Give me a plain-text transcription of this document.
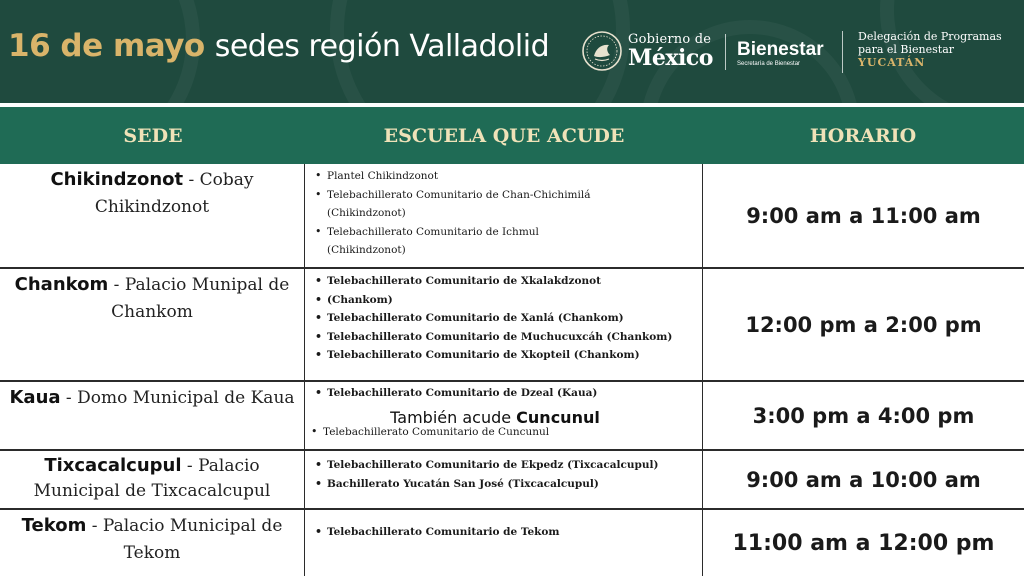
16 de mayo sedes región Valladolid	Gobierno de
México Bienestar
Secretaría de Bienestar
Delegación de Programas
para el Bienestar
YUCATÁN
SEDE	ESCUELA QUE ACUDE	HORARIO
Chikindzonot - Cobay Chikindzonot
• Plantel Chikindzonot
• Telebachillerato Comunitario de Chan-Chichimilá
(Chikindzonot)
• Telebachillerato Comunitario de Ichmul
(Chikindzonot)
9:00 am a 11:00 am
Chankom - Palacio Munipal de Chankom
• Telebachillerato Comunitario de Xkalakdzonot
• (Chankom)
• Telebachillerato Comunitario de Xanlá (Chankom)
• Telebachillerato Comunitario de Muchucuxcáh (Chankom)
• Telebachillerato Comunitario de Xkopteil (Chankom)
12:00 pm a 2:00 pm
Kaua - Domo Municipal de Kaua
•	Telebachillerato Comunitario de Dzeal (Kaua)
También acude Cuncunul
• Telebachillerato Comunitario de Cuncunul
3:00 pm a 4:00 pm
Tixcacalcupul - Palacio Municipal de Tixcacalcupul
• Telebachillerato Comunitario de Ekpedz (Tixcacalcupul)
• Bachillerato Yucatán San José (Tixcacalcupul)	9:00 am a 10:00 am
Tekom - Palacio Municipal de Tekom
• Telebachillerato Comunitario de Tekom	11:00 am a 12:00 pm
